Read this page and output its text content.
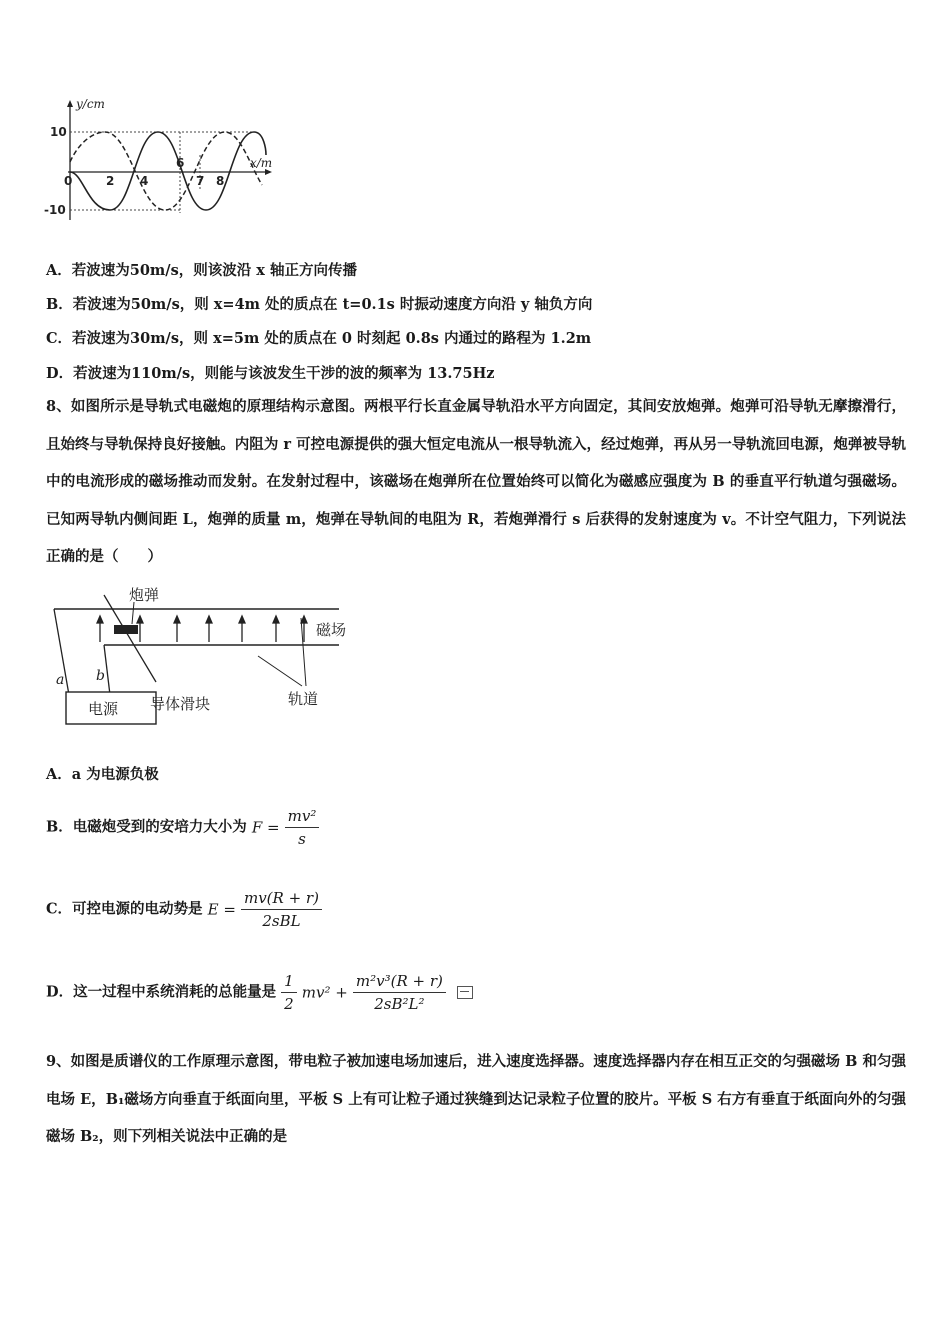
y/cm
x/m
10
-10
0	2 4
6
7 8
A．若波速为50m/s，则该波沿 x 轴正方向传播
B．若波速为50m/s，则 x=4m 处的质点在 t=0.1s 时振动速度方向沿 y 轴负方向
C．若波速为30m/s，则 x=5m 处的质点在 0 时刻起 0.8s 内通过的路程为 1.2m
D．若波速为110m/s，则能与该波发生干涉的波的频率为 13.75Hz
8、如图所示是导轨式电磁炮的原理结构示意图。两根平行长直金属导轨沿水平方向固定，其间安放炮弹。炮弹可沿导轨无摩擦滑行，且始终与导轨保持良好接触。内阻为 r 可控电源提供的强大恒定电流从一根导轨流入，经过炮弹，再从另一导轨流回电源，炮弹被导轨中的电流形成的磁场推动而发射。在发射过程中，该磁场在炮弹所在位置始终可以简化为磁感应强度为 B 的垂直平行轨道匀强磁场。已知两导轨内侧间距 L，炮弹的质量 m，炮弹在导轨间的电阻为 R，若炮弹滑行 s 后获得的发射速度为 v。不计空气阻力，下列说法正确的是（　　）
电源
a b
炮弹
磁场
轨道
导体滑块
A．a 为电源负极
B．电磁炮受到的安培力大小为 $F = \frac{\text{mv²}}{s}$
C．可控电源的电动势是 $E = \frac{mv(R + r)}{\text{2sBL}}$
D．这一过程中系统消耗的总能量是 $\frac{1}{2} mv^2 + \frac{\text{m²v³(R + r)}}{\text{2sB²L²}}$

9、如图是质谱仪的工作原理示意图，带电粒子被加速电场加速后，进入速度选择器。速度选择器内存在相互正交的匀强磁场 B 和匀强电场 E，B₁磁场方向垂直于纸面向里，平板 S 上有可让粒子通过狭缝到达记录粒子位置的胶片。平板 S 右方有垂直于纸面向外的匀强磁场 B₂，则下列相关说法中正确的是
